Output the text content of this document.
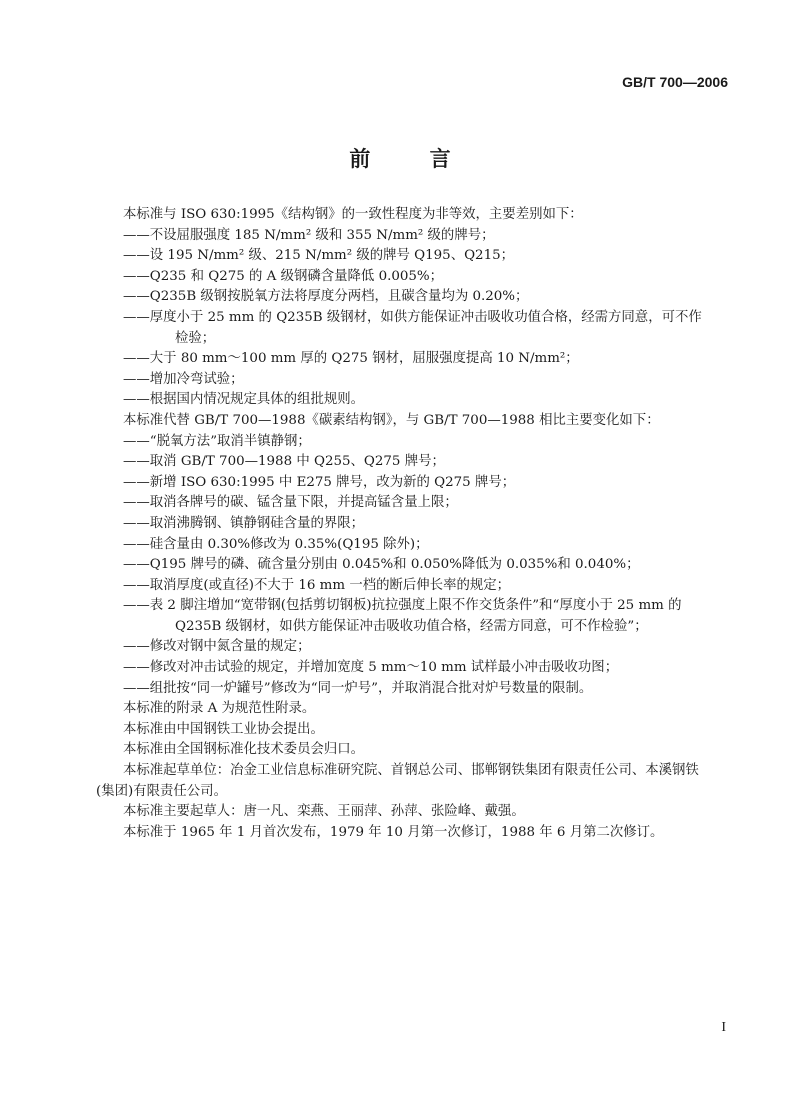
GB/T 700—2006
前 言
本标准与 ISO 630:1995《结构钢》的一致性程度为非等效，主要差别如下：
——不设屈服强度 185 N/mm² 级和 355 N/mm² 级的牌号；
——设 195 N/mm² 级、215 N/mm² 级的牌号 Q195、Q215；
——Q235 和 Q275 的 A 级钢磷含量降低 0.005%；
——Q235B 级钢按脱氧方法将厚度分两档，且碳含量均为 0.20%；
——厚度小于 25 mm 的 Q235B 级钢材，如供方能保证冲击吸收功值合格，经需方同意，可不作
检验；
——大于 80 mm～100 mm 厚的 Q275 钢材，屈服强度提高 10 N/mm²；
——增加冷弯试验；
——根据国内情况规定具体的组批规则。
本标准代替 GB/T 700—1988《碳素结构钢》，与 GB/T 700—1988 相比主要变化如下：
——“脱氧方法”取消半镇静钢；
——取消 GB/T 700—1988 中 Q255、Q275 牌号；
——新增 ISO 630:1995 中 E275 牌号，改为新的 Q275 牌号；
——取消各牌号的碳、锰含量下限，并提高锰含量上限；
——取消沸腾钢、镇静钢硅含量的界限；
——硅含量由 0.30%修改为 0.35%(Q195 除外)；
——Q195 牌号的磷、硫含量分别由 0.045%和 0.050%降低为 0.035%和 0.040%；
——取消厚度(或直径)不大于 16 mm 一档的断后伸长率的规定；
——表 2 脚注增加“宽带钢(包括剪切钢板)抗拉强度上限不作交货条件”和“厚度小于 25 mm 的
Q235B 级钢材，如供方能保证冲击吸收功值合格，经需方同意，可不作检验”；
——修改对钢中氮含量的规定；
——修改对冲击试验的规定，并增加宽度 5 mm～10 mm 试样最小冲击吸收功图；
——组批按“同一炉罐号”修改为“同一炉号”，并取消混合批对炉号数量的限制。
本标准的附录 A 为规范性附录。
本标准由中国钢铁工业协会提出。
本标准由全国钢标准化技术委员会归口。
本标准起草单位：冶金工业信息标准研究院、首钢总公司、邯郸钢铁集团有限责任公司、本溪钢铁
(集团)有限责任公司。
本标准主要起草人：唐一凡、栾燕、王丽萍、孙萍、张险峰、戴强。
本标准于 1965 年 1 月首次发布，1979 年 10 月第一次修订，1988 年 6 月第二次修订。
I
